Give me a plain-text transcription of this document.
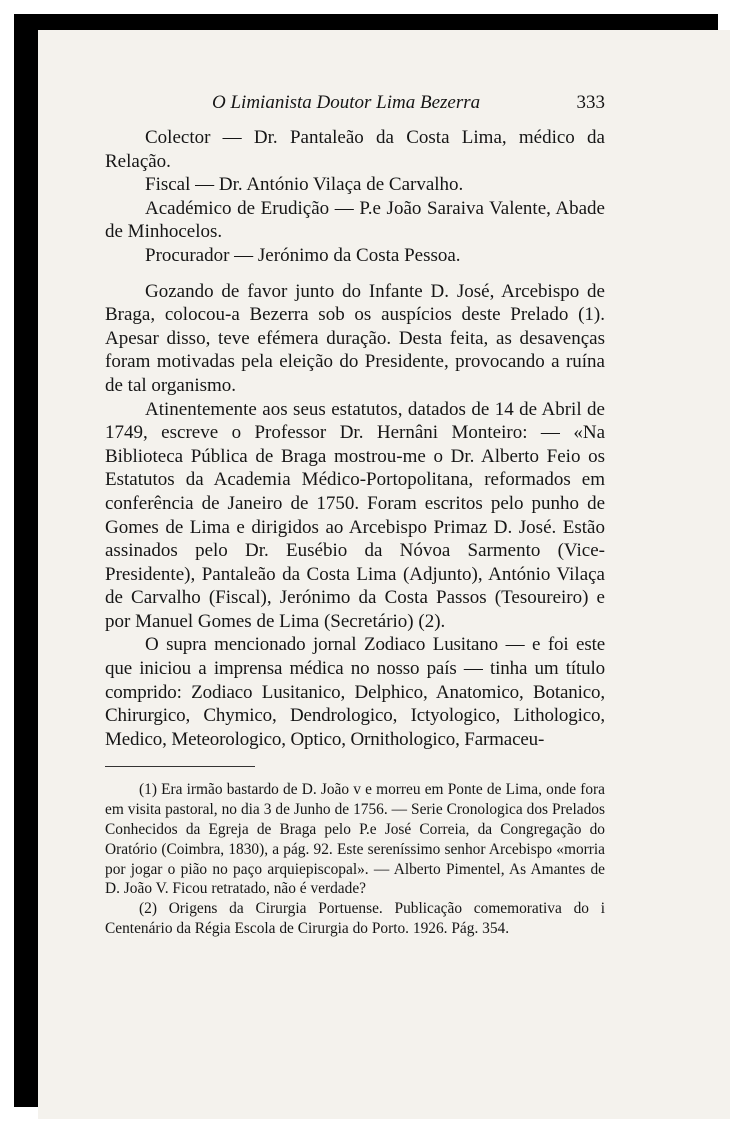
O Limianista Doutor Lima Bezerra	333

Colector — Dr. Pantaleão da Costa Lima, médico da Relação.

Fiscal — Dr. António Vilaça de Carvalho.

Académico de Erudição — P.e João Saraiva Valente, Abade de Minhocelos.

Procurador — Jerónimo da Costa Pessoa.

Gozando de favor junto do Infante D. José, Arcebispo de Braga, colocou-a Bezerra sob os auspícios deste Prelado (1). Apesar disso, teve efémera duração. Desta feita, as desavenças foram motivadas pela eleição do Presidente, provocando a ruína de tal organismo.

Atinentemente aos seus estatutos, datados de 14 de Abril de 1749, escreve o Professor Dr. Hernâni Monteiro: — «Na Biblioteca Pública de Braga mostrou-me o Dr. Alberto Feio os Estatutos da Academia Médico-Portopolitana, reformados em conferência de Janeiro de 1750. Foram escritos pelo punho de Gomes de Lima e dirigidos ao Arcebispo Primaz D. José. Estão assinados pelo Dr. Eusébio da Nóvoa Sarmento (Vice-Presidente), Pantaleão da Costa Lima (Adjunto), António Vilaça de Carvalho (Fiscal), Jerónimo da Costa Passos (Tesoureiro) e por Manuel Gomes de Lima (Secretário) (2).

O supra mencionado jornal Zodiaco Lusitano — e foi este que iniciou a imprensa médica no nosso país — tinha um título comprido: Zodiaco Lusitanico, Delphico, Anatomico, Botanico, Chirurgico, Chymico, Dendrologico, Ictyologico, Lithologico, Medico, Meteorologico, Optico, Ornithologico, Farmaceu-

(1) Era irmão bastardo de D. João v e morreu em Ponte de Lima, onde fora em visita pastoral, no dia 3 de Junho de 1756. — Serie Cronologica dos Prelados Conhecidos da Egreja de Braga pelo P.e José Correia, da Congregação do Oratório (Coimbra, 1830), a pág. 92. Este sereníssimo senhor Arcebispo «morria por jogar o pião no paço arquiepiscopal». — Alberto Pimentel, As Amantes de D. João V. Ficou retratado, não é verdade?

(2) Origens da Cirurgia Portuense. Publicação comemorativa do i Centenário da Régia Escola de Cirurgia do Porto. 1926. Pág. 354.
